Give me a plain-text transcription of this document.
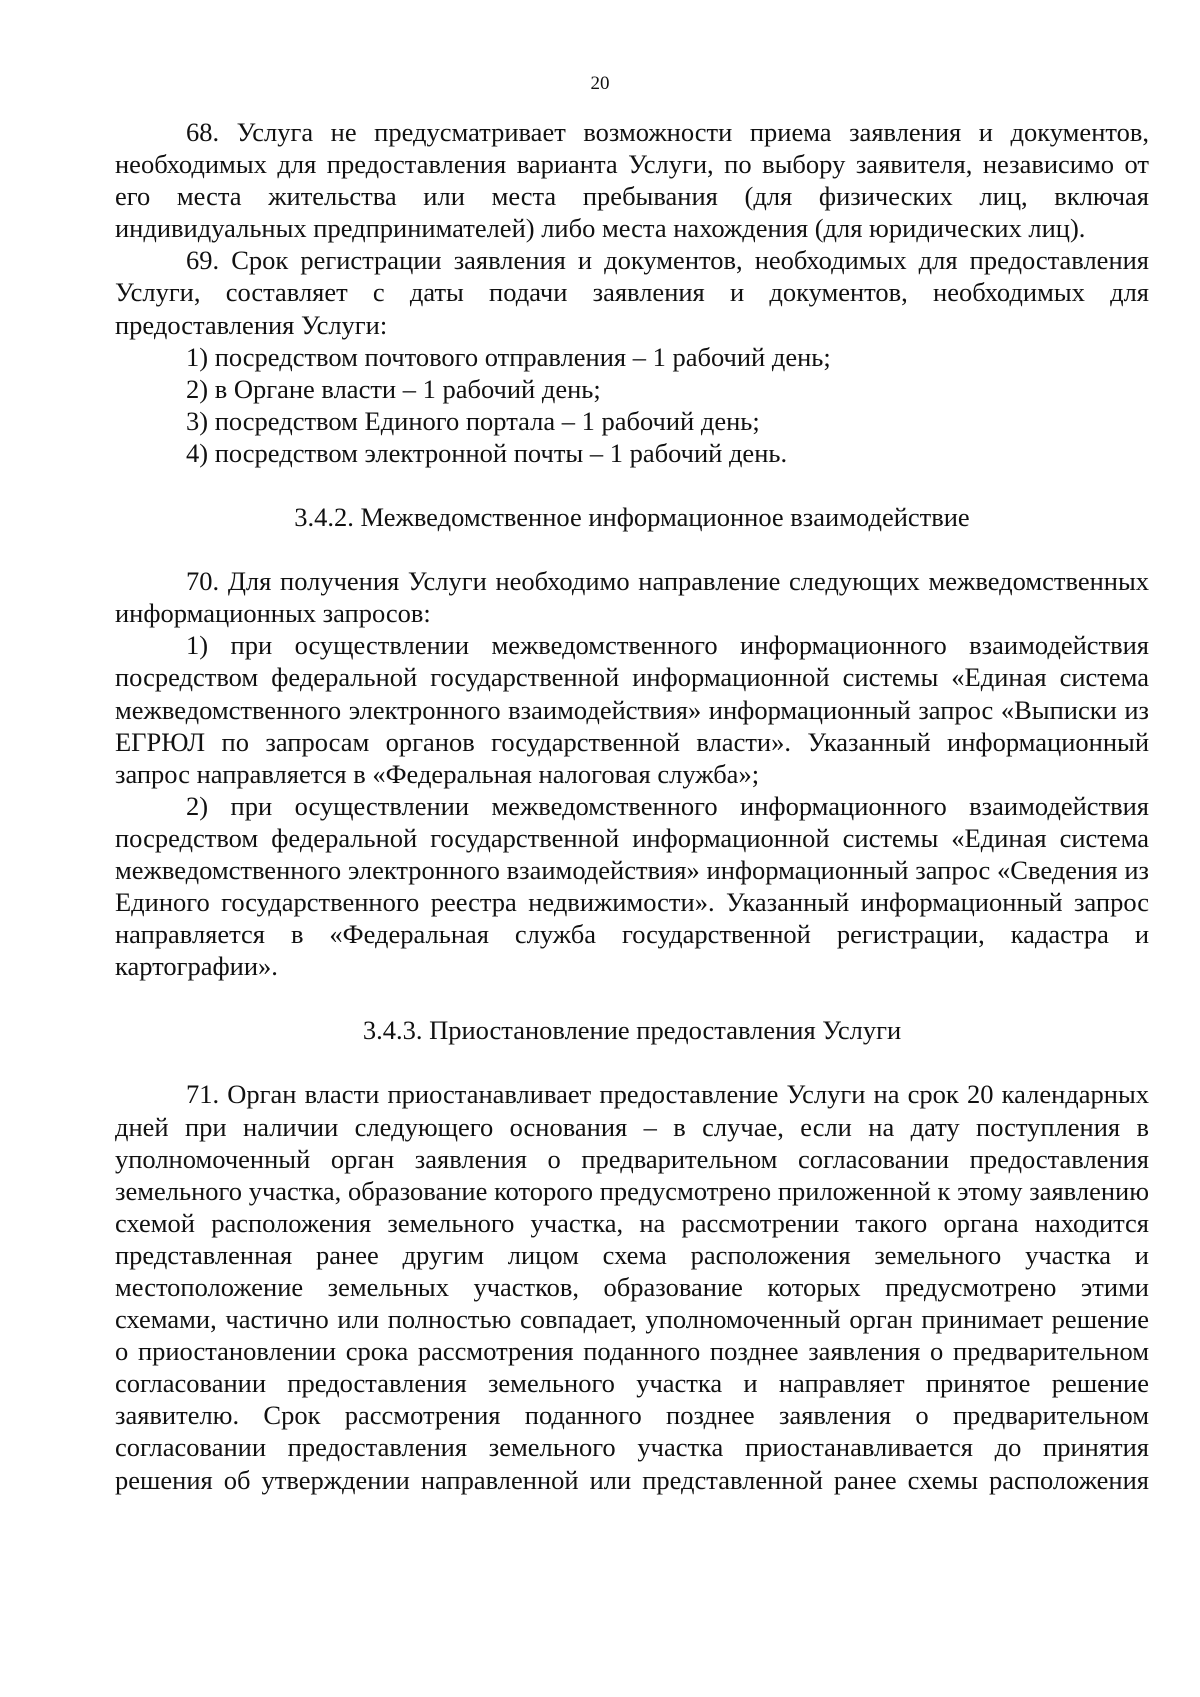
20

68. Услуга не предусматривает возможности приема заявления и документов, необходимых для предоставления варианта Услуги, по выбору заявителя, независимо от его места жительства или места пребывания (для физических лиц, включая индивидуальных предпринимателей) либо места нахождения (для юридических лиц).

69. Срок регистрации заявления и документов, необходимых для предоставления Услуги, составляет с даты подачи заявления и документов, необходимых для предоставления Услуги:

1) посредством почтового отправления – 1 рабочий день;

2) в Органе власти – 1 рабочий день;

3) посредством Единого портала – 1 рабочий день;

4) посредством электронной почты – 1 рабочий день.

3.4.2. Межведомственное информационное взаимодействие

70. Для получения Услуги необходимо направление следующих межведомственных информационных запросов:

1) при осуществлении межведомственного информационного взаимодействия посредством федеральной государственной информационной системы «Единая система межведомственного электронного взаимодействия» информационный запрос «Выписки из ЕГРЮЛ по запросам органов государственной власти». Указанный информационный запрос направляется в «Федеральная налоговая служба»;

2) при осуществлении межведомственного информационного взаимодействия посредством федеральной государственной информационной системы «Единая система межведомственного электронного взаимодействия» информационный запрос «Сведения из Единого государственного реестра недвижимости». Указанный информационный запрос направляется в «Федеральная служба государственной регистрации, кадастра и картографии».

3.4.3. Приостановление предоставления Услуги

71. Орган власти приостанавливает предоставление Услуги на срок 20 календарных дней при наличии следующего основания – в случае, если на дату поступления в уполномоченный орган заявления о предварительном согласовании предоставления земельного участка, образование которого предусмотрено приложенной к этому заявлению схемой расположения земельного участка, на рассмотрении такого органа находится представленная ранее другим лицом схема расположения земельного участка и местоположение земельных участков, образование которых предусмотрено этими схемами, частично или полностью совпадает, уполномоченный орган принимает решение о приостановлении срока рассмотрения поданного позднее заявления о предварительном согласовании предоставления земельного участка и направляет принятое решение заявителю. Срок рассмотрения поданного позднее заявления о предварительном согласовании предоставления земельного участка приостанавливается до принятия решения об утверждении направленной или представленной ранее схемы расположения
